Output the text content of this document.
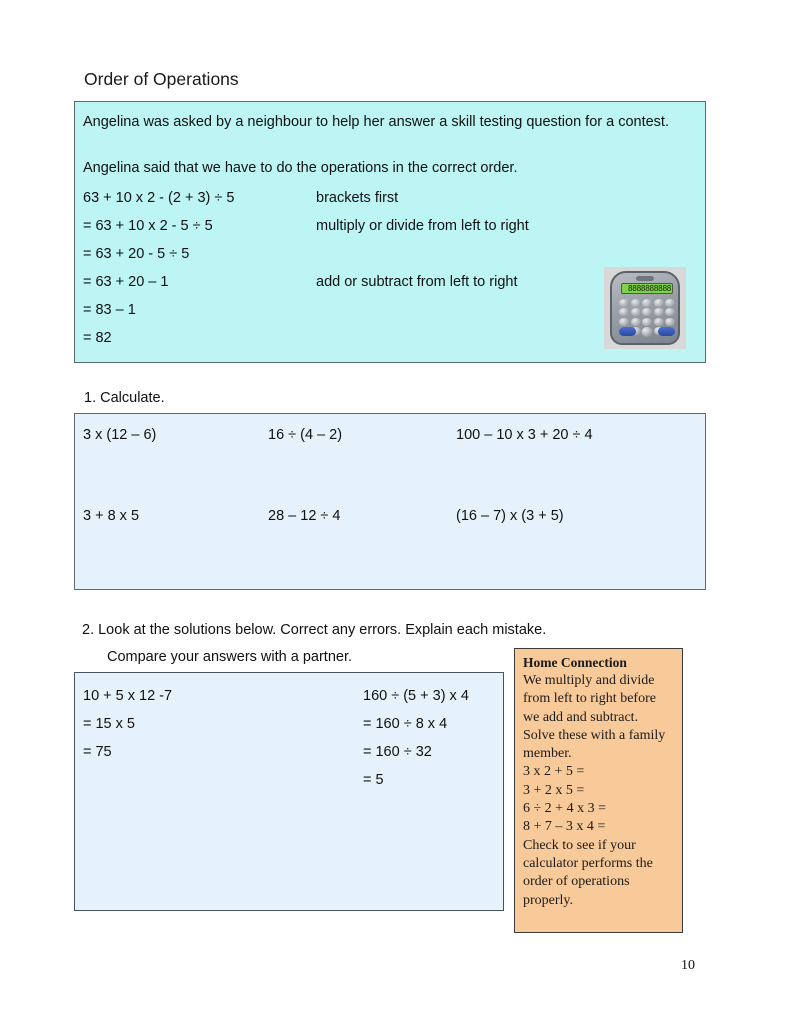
Order of Operations
Angelina was asked by a neighbour to help her answer a skill testing question for a contest.
Angelina said that we have to do the operations in the correct order.
63 + 10 x 2 - (2 + 3) ÷ 5	brackets first
= 63 + 10 x 2 - 5 ÷ 5	multiply or divide from left to right
= 63 + 20 - 5 ÷ 5
= 63 + 20 – 1	add or subtract from left to right
= 83 – 1
= 82
8888888888
1. Calculate.
3 x (12 – 6)	16 ÷ (4 – 2)	100 – 10 x 3 + 20 ÷ 4
3 + 8 x 5	28 – 12 ÷ 4	(16 – 7) x (3 + 5)
2. Look at the solutions below. Correct any errors. Explain each mistake.
Compare your answers with a partner.
10 + 5 x 12 -7
= 15 x 5
= 75
160 ÷ (5 + 3) x 4
= 160 ÷ 8 x 4
= 160 ÷ 32
= 5
Home Connection
We multiply and divide from left to right before we add and subtract.
Solve these with a family member.
3 x 2 + 5 =
3 + 2 x 5 =
6 ÷ 2 + 4 x 3 =
8 + 7 – 3 x 4 =
Check to see if your calculator performs the order of operations properly.
10
